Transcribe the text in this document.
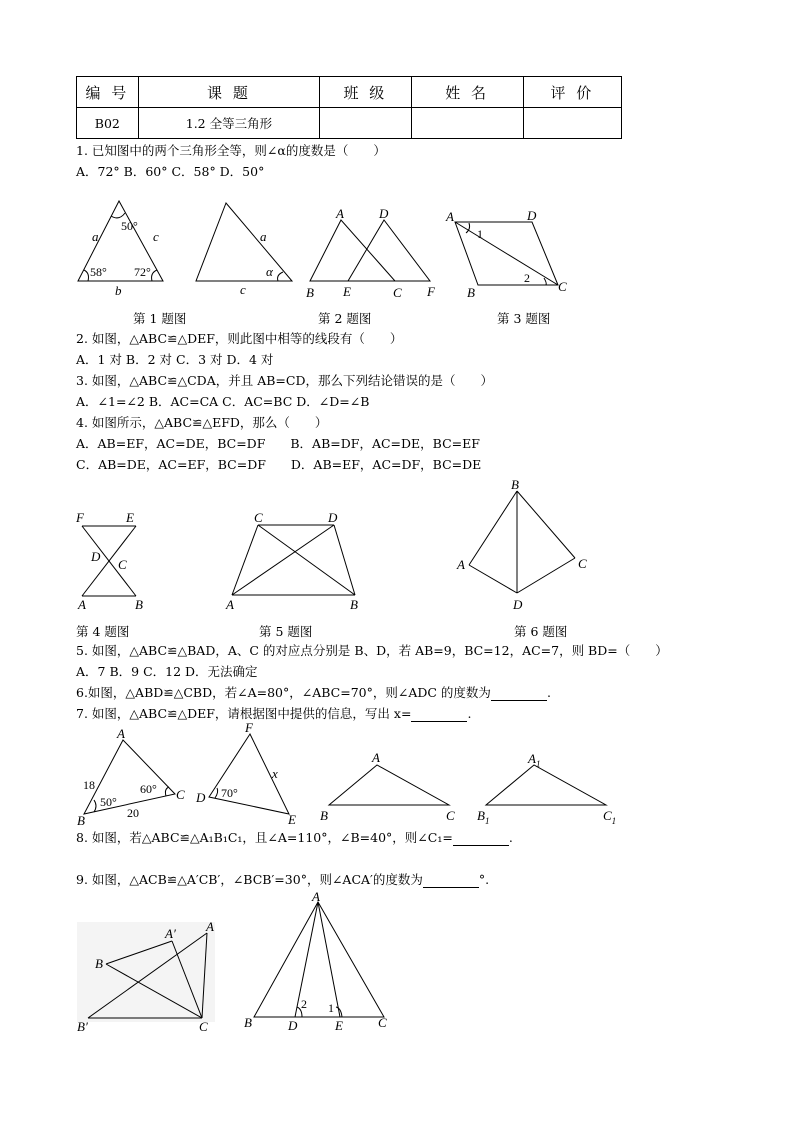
编 号	课 题	班 级	姓 名	评 价
B02	1.2 全等三角形			
1. 已知图中的两个三角形全等，则∠α的度数是（　　）
A．72° B．60° C．58° D．50°
a	c
b
50°
58° 72°
a
c
α
第 1 题图
A	D
B E	C F
第 2 题图
A	D
B	C
1
2
第 3 题图
2. 如图，△ABC≌△DEF，则此图中相等的线段有（　　）
A．1 对 B．2 对 C．3 对 D．4 对
3. 如图，△ABC≌△CDA，并且 AB=CD，那么下列结论错误的是（　　）
A．∠1=∠2 B．AC=CA C．AC=BC D．∠D=∠B
4. 如图所示，△ABC≌△EFD，那么（　　）
A．AB=EF，AC=DE，BC=DF　　B．AB=DF，AC=DE，BC=EF
C．AB=DE，AC=EF，BC=DF　　D．AB=EF，AC=DF，BC=DE
F	E
D
C
A	B
第 4 题图
C	D
A	B
第 5 题图
B
A	C
D
第 6 题图
5. 如图，△ABC≌△BAD，A、C 的对应点分别是 B、D，若 AB=9，BC=12，AC=7，则 BD=（　　）
A．7 B．9 C．12 D．无法确定
6.如图，△ABD≌△CBD，若∠A=80°，∠ABC=70°，则∠ADC 的度数为	.
7. 如图，△ABC≌△DEF，请根据图中提供的信息，写出 x=	.
A
B
C
18
20
50°
60°
F
D
E
x
70°
A
B	C
$A_1$
$B_1$	$C_1$
8. 如图，若△ABC≌△A₁B₁C₁，且∠A=110°，∠B=40°，则∠C₁=	.
9. 如图，△ACB≌△A′CB′，∠BCB′=30°，则∠ACA′的度数为	°.
A′ A
B
B′	C
A
B	D	E	C
2 1
